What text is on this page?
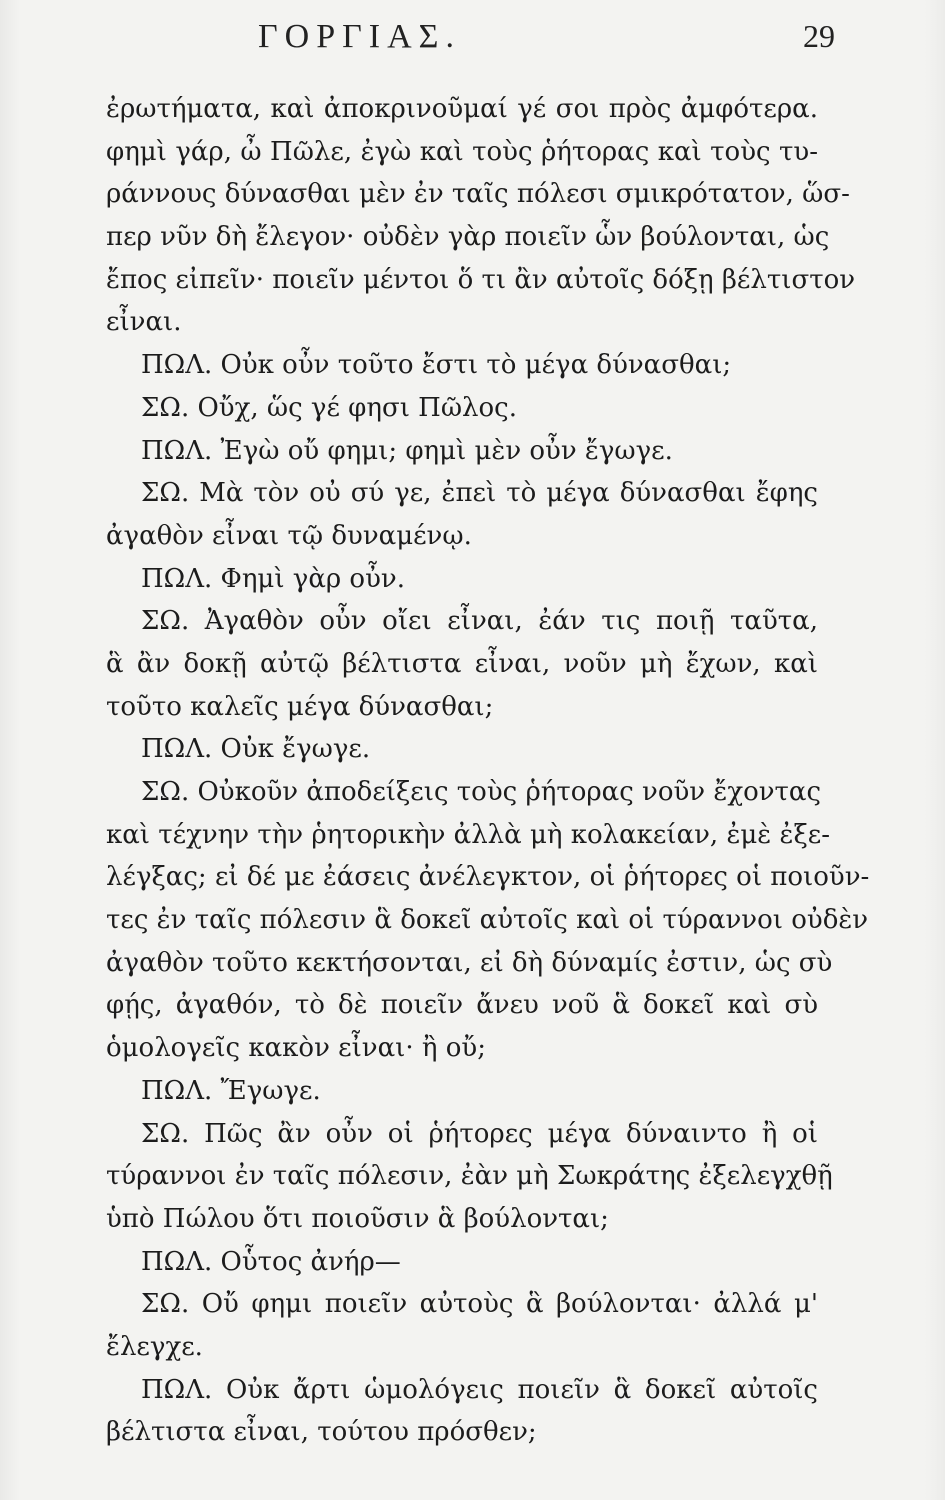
ΓΟΡΓΙΑΣ.	29
ἐρωτήματα, καὶ ἀποκρινοῦμαί γέ σοι πρὸς ἀμφότερα.
φημὶ γάρ, ὦ Πῶλε, ἐγὼ καὶ τοὺς ῥήτορας καὶ τοὺς τυ-
ράννους δύνασθαι μὲν ἐν ταῖς πόλεσι σμικρότατον, ὥσ-
περ νῦν δὴ ἔλεγον· οὐδὲν γὰρ ποιεῖν ὧν βούλονται, ὡς
ἔπος εἰπεῖν· ποιεῖν μέντοι ὅ τι ἂν αὐτοῖς δόξῃ βέλτιστον
εἶναι.
ΠΩΛ. Οὐκ οὖν τοῦτο ἔστι τὸ μέγα δύνασθαι;
ΣΩ. Οὔχ, ὥς γέ φησι Πῶλος.
ΠΩΛ. Ἐγὼ οὔ φημι; φημὶ μὲν οὖν ἔγωγε.
ΣΩ. Μὰ τὸν οὐ σύ γε, ἐπεὶ τὸ μέγα δύνασθαι ἔφης
ἀγαθὸν εἶναι τῷ δυναμένῳ.
ΠΩΛ. Φημὶ γὰρ οὖν.
ΣΩ. Ἀγαθὸν οὖν οἴει εἶναι, ἐάν τις ποιῇ ταῦτα,
ἃ ἂν δοκῇ αὐτῷ βέλτιστα εἶναι, νοῦν μὴ ἔχων, καὶ
τοῦτο καλεῖς μέγα δύνασθαι;
ΠΩΛ. Οὐκ ἔγωγε.
ΣΩ. Οὐκοῦν ἀποδείξεις τοὺς ῥήτορας νοῦν ἔχοντας
καὶ τέχνην τὴν ῥητορικὴν ἀλλὰ μὴ κολακείαν, ἐμὲ ἐξε-
λέγξας; εἰ δέ με ἐάσεις ἀνέλεγκτον, οἱ ῥήτορες οἱ ποιοῦν-
τες ἐν ταῖς πόλεσιν ἃ δοκεῖ αὐτοῖς καὶ οἱ τύραννοι οὐδὲν
ἀγαθὸν τοῦτο κεκτήσονται, εἰ δὴ δύναμίς ἐστιν, ὡς σὺ
φῄς, ἀγαθόν, τὸ δὲ ποιεῖν ἄνευ νοῦ ἃ δοκεῖ καὶ σὺ
ὁμολογεῖς κακὸν εἶναι· ἢ οὔ;
ΠΩΛ. Ἔγωγε.
ΣΩ. Πῶς ἂν οὖν οἱ ῥήτορες μέγα δύναιντο ἢ οἱ
τύραννοι ἐν ταῖς πόλεσιν, ἐὰν μὴ Σωκράτης ἐξελεγχθῇ
ὑπὸ Πώλου ὅτι ποιοῦσιν ἃ βούλονται;
ΠΩΛ. Οὗτος ἀνήρ—
ΣΩ. Οὔ φημι ποιεῖν αὐτοὺς ἃ βούλονται· ἀλλά μ'
ἔλεγχε.
ΠΩΛ. Οὐκ ἄρτι ὡμολόγεις ποιεῖν ἃ δοκεῖ αὐτοῖς
βέλτιστα εἶναι, τούτου πρόσθεν;
